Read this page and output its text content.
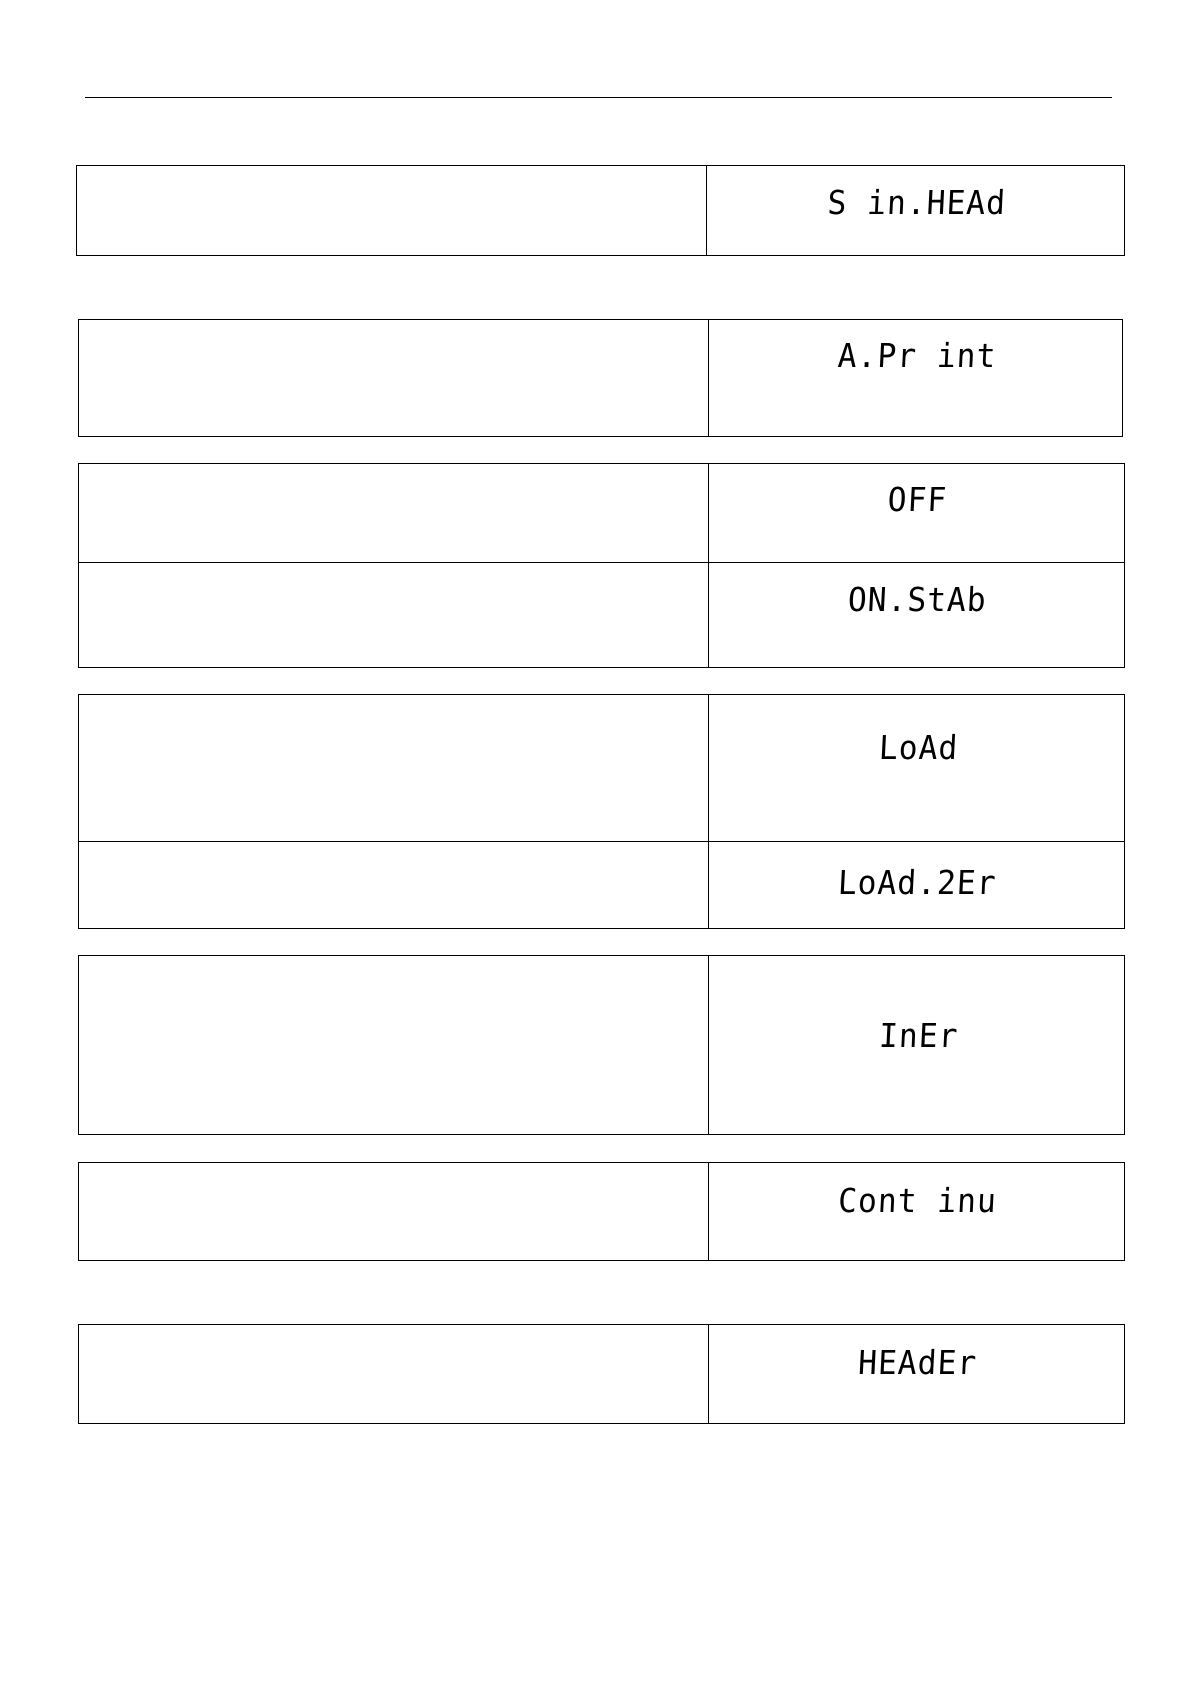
S in.HEAd
A.Pr int
OFF
ON.StAb
LoAd
LoAd.2Er
InEr
Cont inu
HEAdEr
